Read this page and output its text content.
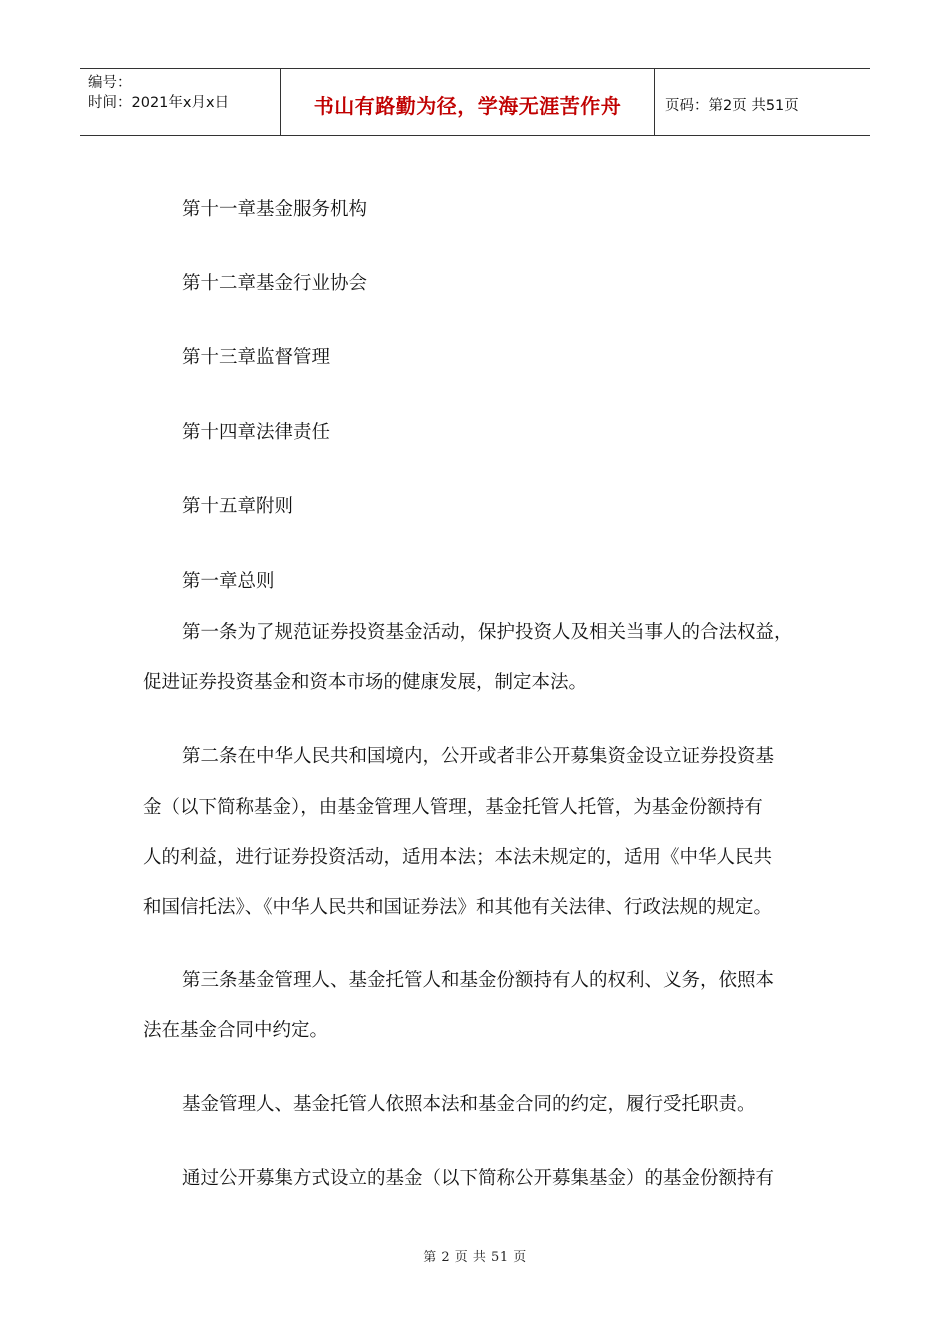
编号：
时间：2021年x月x日	书山有路勤为径，学海无涯苦作舟	页码：第2页 共51页
第十一章基金服务机构
第十二章基金行业协会
第十三章监督管理
第十四章法律责任
第十五章附则
第一章总则
第一条为了规范证券投资基金活动，保护投资人及相关当事人的合法权益，
促进证券投资基金和资本市场的健康发展，制定本法。
第二条在中华人民共和国境内，公开或者非公开募集资金设立证券投资基
金（以下简称基金），由基金管理人管理，基金托管人托管，为基金份额持有
人的利益，进行证券投资活动，适用本法；本法未规定的，适用《中华人民共
和国信托法》、《中华人民共和国证券法》和其他有关法律、行政法规的规定。
第三条基金管理人、基金托管人和基金份额持有人的权利、义务，依照本
法在基金合同中约定。
基金管理人、基金托管人依照本法和基金合同的约定，履行受托职责。
通过公开募集方式设立的基金（以下简称公开募集基金）的基金份额持有
第 2 页 共 51 页
